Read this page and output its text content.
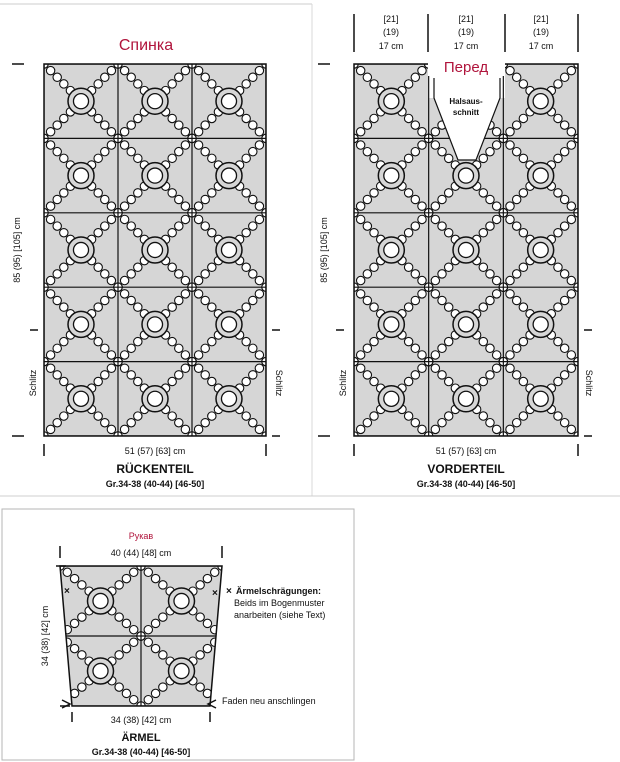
×
×	×
Спинка
85 (95) [105] cm
Schlitz	Schlitz
51 (57) [63] cm
RÜCKENTEIL
Gr.34-38 (40-44) [46-50]
[21]
(19)
17 cm
[21]
(19)
17 cm
[21]
(19)
17 cm
Перед
Halsaus-
schnitt
85 (95) [105] cm
Schlitz	Schlitz
51 (57) [63] cm
VORDERTEIL
Gr.34-38 (40-44) [46-50]
Рукав
40 (44) [48] cm
34 (38) [42] cm
34 (38) [42] cm
ÄRMEL
Gr.34-38 (40-44) [46-50]
Ärmelschrägungen:
Beids im Bogenmuster
anarbeiten (siehe Text)
Faden neu anschlingen
